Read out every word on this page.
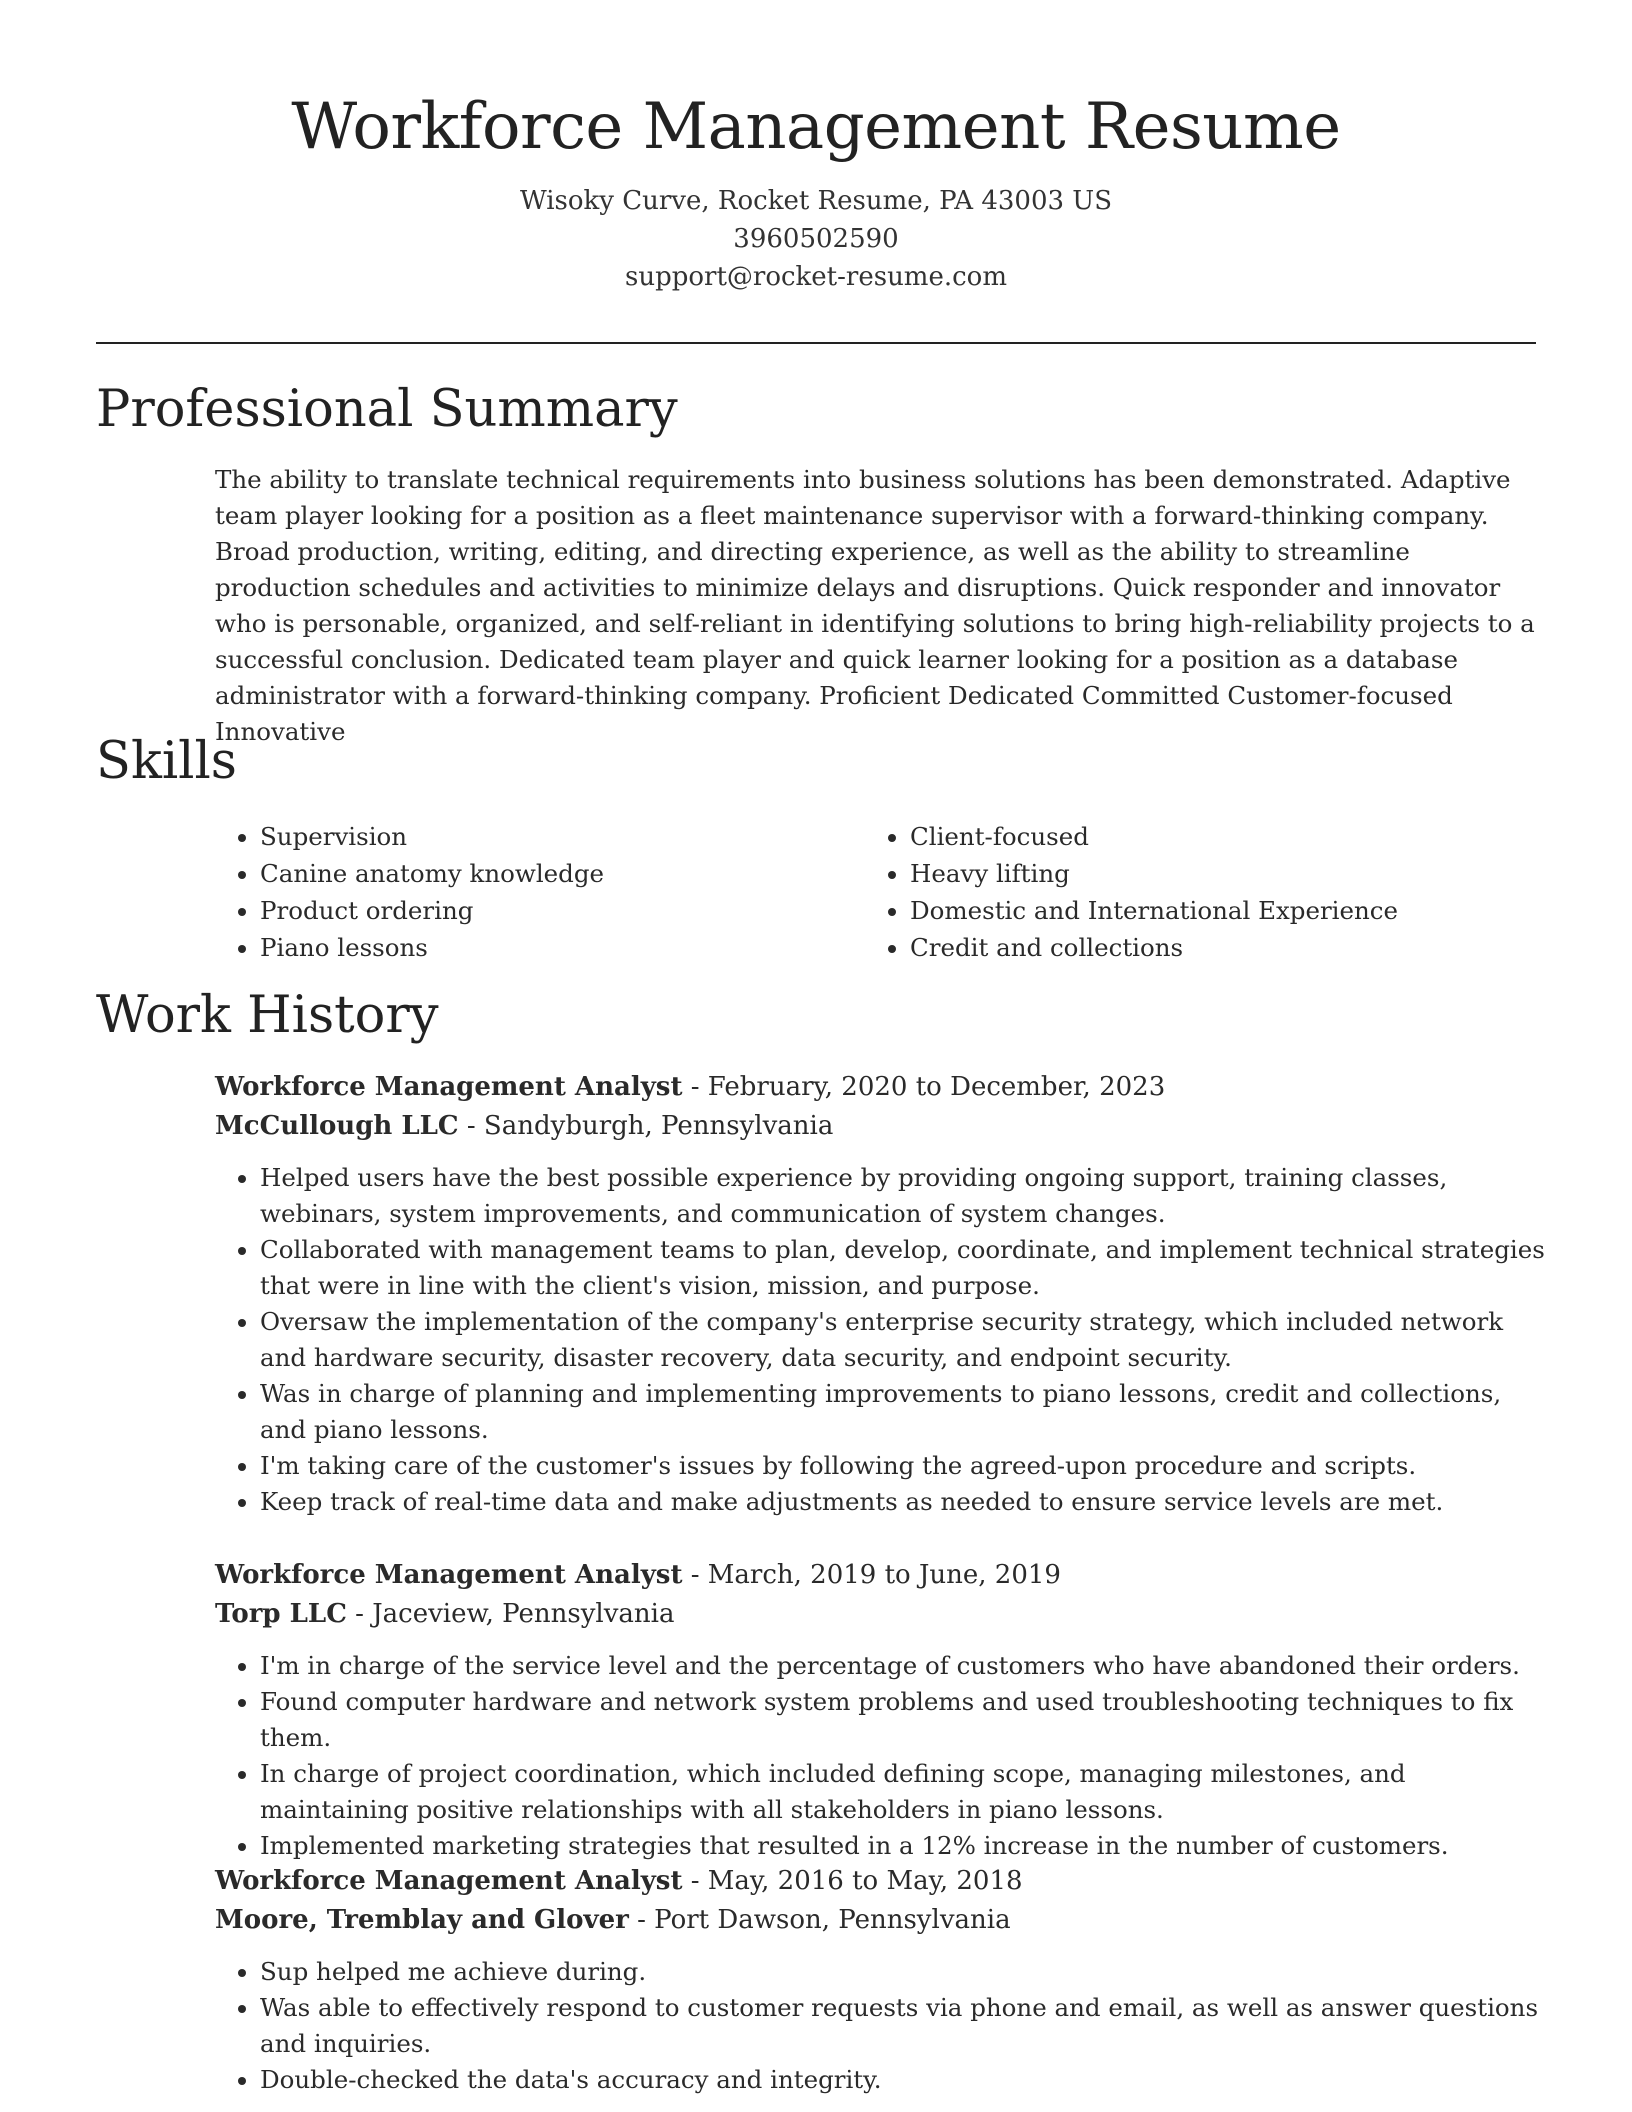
Workforce Management Resume

Wisoky Curve, Rocket Resume, PA 43003 US

3960502590

support@rocket-resume.com

Professional Summary

The ability to translate technical requirements into business solutions has been demonstrated. Adaptive team player looking for a position as a fleet maintenance supervisor with a forward-thinking company. Broad production, writing, editing, and directing experience, as well as the ability to streamline production schedules and activities to minimize delays and disruptions. Quick responder and innovator who is personable, organized, and self-reliant in identifying solutions to bring high-reliability projects to a successful conclusion. Dedicated team player and quick learner looking for a position as a database administrator with a forward-thinking company. Proficient Dedicated Committed Customer-focused Innovative

Skills
• Supervision
• Canine anatomy knowledge
• Product ordering
• Piano lessons
• Client-focused
• Heavy lifting
• Domestic and International Experience
• Credit and collections
Work History

Workforce Management Analyst - February, 2020 to December, 2023

McCullough LLC - Sandyburgh, Pennsylvania

• Helped users have the best possible experience by providing ongoing support, training classes, webinars, system improvements, and communication of system changes.
• Collaborated with management teams to plan, develop, coordinate, and implement technical strategies that were in line with the client's vision, mission, and purpose.
• Oversaw the implementation of the company's enterprise security strategy, which included network and hardware security, disaster recovery, data security, and endpoint security.
• Was in charge of planning and implementing improvements to piano lessons, credit and collections, and piano lessons.
• I'm taking care of the customer's issues by following the agreed-upon procedure and scripts.
• Keep track of real-time data and make adjustments as needed to ensure service levels are met.

Workforce Management Analyst - March, 2019 to June, 2019

Torp LLC - Jaceview, Pennsylvania

• I'm in charge of the service level and the percentage of customers who have abandoned their orders.
• Found computer hardware and network system problems and used troubleshooting techniques to fix them.
• In charge of project coordination, which included defining scope, managing milestones, and maintaining positive relationships with all stakeholders in piano lessons.
• Implemented marketing strategies that resulted in a 12% increase in the number of customers.

Workforce Management Analyst - May, 2016 to May, 2018

Moore, Tremblay and Glover - Port Dawson, Pennsylvania

• Sup helped me achieve during.
• Was able to effectively respond to customer requests via phone and email, as well as answer questions and inquiries.
• Double-checked the data's accuracy and integrity.
